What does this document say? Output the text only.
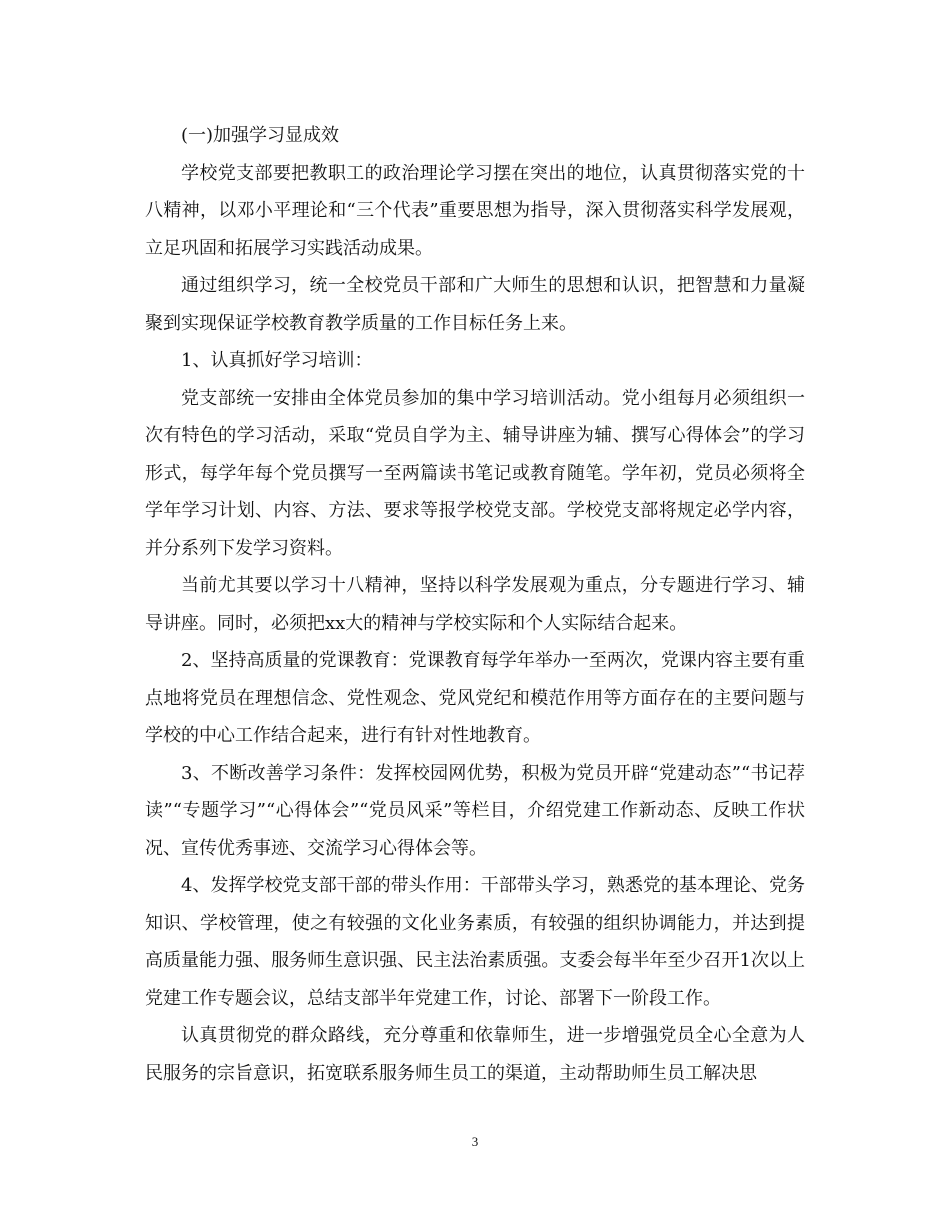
(一)加强学习显成效

学校党支部要把教职工的政治理论学习摆在突出的地位，认真贯彻落实党的十八精神，以邓小平理论和“三个代表”重要思想为指导，深入贯彻落实科学发展观，立足巩固和拓展学习实践活动成果。

通过组织学习，统一全校党员干部和广大师生的思想和认识，把智慧和力量凝聚到实现保证学校教育教学质量的工作目标任务上来。

1、认真抓好学习培训：

党支部统一安排由全体党员参加的集中学习培训活动。党小组每月必须组织一次有特色的学习活动，采取“党员自学为主、辅导讲座为辅、撰写心得体会”的学习形式，每学年每个党员撰写一至两篇读书笔记或教育随笔。学年初，党员必须将全学年学习计划、内容、方法、要求等报学校党支部。学校党支部将规定必学内容，并分系列下发学习资料。

当前尤其要以学习十八精神，坚持以科学发展观为重点，分专题进行学习、辅导讲座。同时，必须把xx大的精神与学校实际和个人实际结合起来。

2、坚持高质量的党课教育：党课教育每学年举办一至两次，党课内容主要有重点地将党员在理想信念、党性观念、党风党纪和模范作用等方面存在的主要问题与学校的中心工作结合起来，进行有针对性地教育。

3、不断改善学习条件：发挥校园网优势，积极为党员开辟“党建动态”“书记荐读”“专题学习”“心得体会”“党员风采”等栏目，介绍党建工作新动态、反映工作状况、宣传优秀事迹、交流学习心得体会等。

4、发挥学校党支部干部的带头作用：干部带头学习，熟悉党的基本理论、党务知识、学校管理，使之有较强的文化业务素质，有较强的组织协调能力，并达到提高质量能力强、服务师生意识强、民主法治素质强。支委会每半年至少召开1次以上党建工作专题会议，总结支部半年党建工作，讨论、部署下一阶段工作。

认真贯彻党的群众路线，充分尊重和依靠师生，进一步增强党员全心全意为人民服务的宗旨意识，拓宽联系服务师生员工的渠道，主动帮助师生员工解决思

3
